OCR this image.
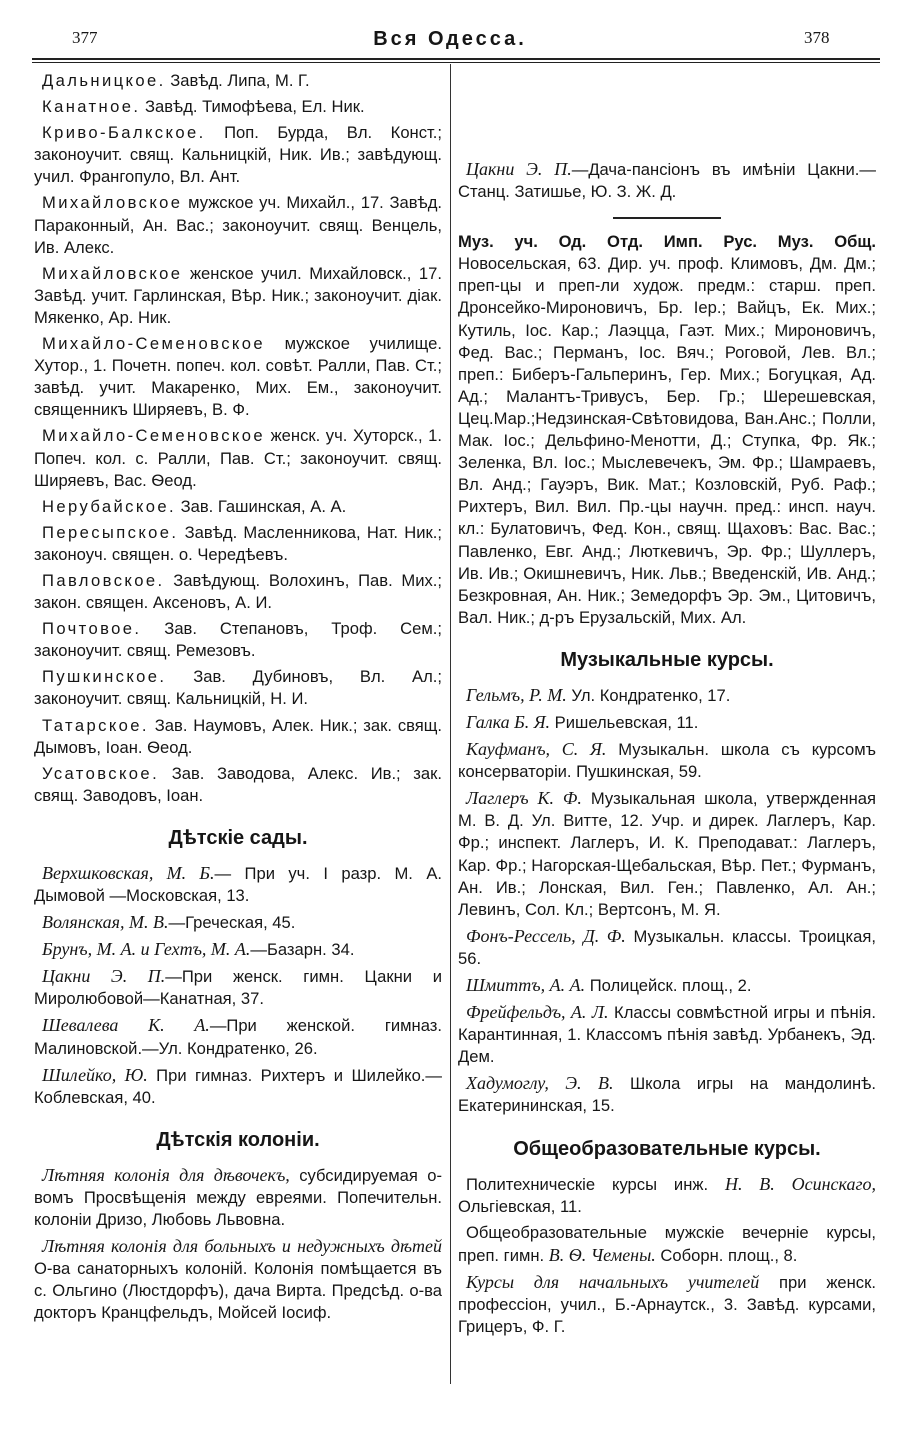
377	Вся Одесса.	378

Дальницкое. Завѣд. Липа, М. Г.

Канатное. Завѣд. Тимофѣева, Ел. Ник.

Криво-Балкское. Поп. Бурда, Вл. Конст.; законоучит. свящ. Кальницкій, Ник. Ив.; завѣдующ. учил. Франгопуло, Вл. Ант.

Михайловское мужское уч. Михайл., 17. Завѣд. Параконный, Ан. Вас.; законоучит. свящ. Венцель, Ив. Алекс.

Михайловское женское учил. Михайловск., 17. Завѣд. учит. Гарлинская, Вѣр. Ник.; законоучит. діак. Мякенко, Ар. Ник.

Михайло-Семеновское мужское училище. Хутор., 1. Почетн. попеч. кол. совѣт. Ралли, Пав. Ст.; завѣд. учит. Макаренко, Мих. Ем., законоучит. священникъ Ширяевъ, В. Ф.

Михайло-Семеновское женск. уч. Хуторск., 1. Попеч. кол. с. Ралли, Пав. Ст.; законоучит. свящ. Ширяевъ, Вас. Ѳеод.

Нерубайское. Зав. Гашинская, А. А.

Пересыпское. Завѣд. Масленникова, Нат. Ник.; законоуч. священ. о. Чередѣевъ.

Павловское. Завѣдующ. Волохинъ, Пав. Мих.; закон. священ. Аксеновъ, А. И.

Почтовое. Зав. Степановъ, Троф. Сем.; законоучит. свящ. Ремезовъ.

Пушкинское. Зав. Дубиновъ, Вл. Ал.; законоучит. свящ. Кальницкій, Н. И.

Татарское. Зав. Наумовъ, Алек. Ник.; зак. свящ. Дымовъ, Іоан. Ѳеод.

Усатовское. Зав. Заводова, Алекс. Ив.; зак. свящ. Заводовъ, Іоан.

Дѣтскіе сады.

Верхшковская, М. Б.— При уч. I разр. М. А. Дымовой —Московская, 13.

Волянская, М. В.—Греческая, 45.

Брунъ, М. А. и Гехтъ, М. А.—Базарн. 34.

Цакни Э. П.—При женск. гимн. Цакни и Миролюбовой—Канатная, 37.

Шевалева К. А.—При женской. гимназ. Малиновской.—Ул. Кондратенко, 26.

Шилейко, Ю. При гимназ. Рихтеръ и Шилейко.—Коблевская, 40.

Дѣтскія колоніи.

Лѣтняя колонія для дѣвочекъ, субсидируемая о-вомъ Просвѣщенія между евреями. Попечительн. колоніи Дризо, Любовь Львовна.

Лѣтняя колонія для больныхъ и недужныхъ дѣтей О-ва санаторныхъ колоній. Колонія помѣщается въ с. Ольгино (Люстдорфъ), дача Вирта. Предсѣд. о-ва докторъ Кранцфельдъ, Мойсей Іосиф.

Цакни Э. П.—Дача-пансіонъ въ имѣніи Цакни.—Станц. Затишье, Ю. З. Ж. Д.

Муз. уч. Од. Отд. Имп. Рус. Муз. Общ. Новосельская, 63. Дир. уч. проф. Климовъ, Дм. Дм.; преп-цы и преп-ли худож. предм.: старш. преп. Дронсейко-Мироновичъ, Бр. Іер.; Вайцъ, Ек. Мих.; Кутиль, Іос. Кар.; Лаэцца, Гаэт. Мих.; Мироновичъ, Фед. Вас.; Перманъ, Іос. Вяч.; Роговой, Лев. Вл.; преп.: Биберъ-Гальперинъ, Гер. Мих.; Богуцкая, Ад. Ад.; Малантъ-Тривусъ, Бер. Гр.; Шерешевская, Цец.Мар.;Недзинская-Свѣтовидова, Ван.Анс.; Полли, Мак. Іос.; Дельфино-Менотти, Д.; Ступка, Фр. Як.; Зеленка, Вл. Іос.; Мыслевечекъ, Эм. Фр.; Шамраевъ, Вл. Анд.; Гауэръ, Вик. Мат.; Козловскій, Руб. Раф.; Рихтеръ, Вил. Вил. Пр.-цы научн. пред.: инсп. науч. кл.: Булатовичъ, Фед. Кон., свящ. Щаховъ: Вас. Вас.; Павленко, Евг. Анд.; Люткевичъ, Эр. Фр.; Шуллеръ, Ив. Ив.; Окишневичъ, Ник. Льв.; Введенскій, Ив. Анд.; Безкровная, Ан. Ник.; Земедорфъ Эр. Эм., Цитовичъ, Вал. Ник.; д-ръ Ерузальскій, Мих. Ал.

Музыкальные курсы.

Гельмъ, Р. М. Ул. Кондратенко, 17.

Галка Б. Я. Ришельевская, 11.

Кауфманъ, С. Я. Музыкальн. школа съ курсомъ консерваторіи. Пушкинская, 59.

Лаглеръ К. Ф. Музыкальная школа, утвержденная М. В. Д. Ул. Витте, 12. Учр. и дирек. Лаглеръ, Кар. Фр.; инспект. Лаглеръ, И. К. Преподават.: Лаглеръ, Кар. Фр.; Нагорская-Щебальская, Вѣр. Пет.; Фурманъ, Ан. Ив.; Лонская, Вил. Ген.; Павленко, Ал. Ан.; Левинъ, Сол. Кл.; Вертсонъ, М. Я.

Фонъ-Рессель, Д. Ф. Музыкальн. классы. Троицкая, 56.

Шмиттъ, А. А. Полицейск. площ., 2.

Фрейфельдъ, А. Л. Классы совмѣстной игры и пѣнія. Карантинная, 1. Классомъ пѣнія завѣд. Урбанекъ, Эд. Дем.

Хадумоглу, Э. В. Школа игры на мандолинѣ. Екатерининская, 15.

Общеобразовательные курсы.

Политехническіе курсы инж. Н. В. Осинскаго, Ольгіевская, 11.

Общеобразовательные мужскіе вечерніе курсы, преп. гимн. В. Ѳ. Чемены. Соборн. площ., 8.

Курсы для начальныхъ учителей при женск. профессіон, учил., Б.-Арнаутск., 3. Завѣд. курсами, Грицеръ, Ф. Г.
